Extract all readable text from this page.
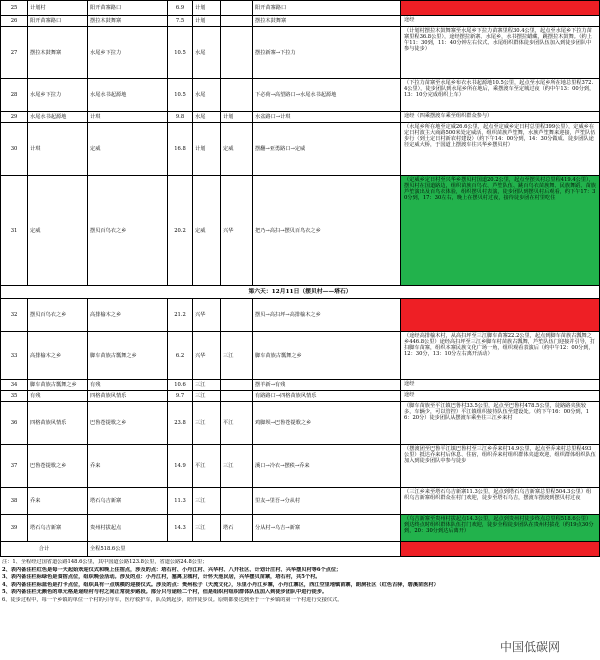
25	计划村	阳开苗寨路口	6.9	计划		阳开苗寨路口	
26	阳开苗寨路口	摆拉木鼓舞寨	7.5	计划		摆拉木鼓舞寨	途经
27	摆拉木鼓舞寨	水尾乡下拉力	10.5	水尾		摆拉新寨→下拉力	（计划村摆拉木鼓舞寨至水尾乡下拉力苗寨里程30.4公里，起点至水尾乡下拉力苗寨里程36.8公里），途经摆拉新寨、水尾乡，水书摆拉蜡藏，跳摆拉木鼓舞。（约上午11：30到，11：40分钟左右仪式、水尾组织群体徒步团队伍加入到徒步团队中参与徒步）
28	水尾乡下拉力	水尾水书起源地	10.5	水尾		下必荷→高望路口→水尾水书起源地	（下拉力苗寨至水尾乡布衣水书起源地10.5公里，起点至水尾乡所在地总里程372.4公里），徒步团队到水尾乡所在地后，乘摆渡车至定城过夜（约中午13：00分到，13：10分完成组织上车）
29	水尾水书起源地	计琪	9.8	水尾	计划	水盆路口→计琪	途经（四乘摆渡车乘至组织群众参与）
30	计琪	定威	16.8	计划	定威	摆翻→亚勇路口→定威	（水尾乡所在地至定威26.6公里，起点至定威乡定日村总里程399公里），定威乡在定日村波主大商路500米处定威活，组织苗族芦笙舞，水族芦笙舞来迎接，芦笙队伍步行（到土定日村新农村建设）（约下午14：00分到，14：30分做成、徒步团队途径定威大桥，于国道上摆渡车往兴华乡摆贝村）
31	定威	摆贝百鸟衣之乡	20.2	定威	兴华	把乃→高扫→摆贝百鸟衣之乡	（定威乡定日村至兴华乡摆贝村国道20.2公里，起点至摆贝村总里程419.4公里），摆贝村在国道路边，组织苗族百鸟衣、芦笙队伍、跳百鸟衣苗族舞、民族舞蹈、苗族芦笙演出及百鸟衣体验，组织摆贝村表演，徒步团队到摆贝村后观看，约下午17：30分到，17：30左右，晚上在摆贝村过夜，接待徒步团在村里吃住
第六天：12月11日（摆贝村——塔石）							
32	摆贝百鸟衣之乡	高排榆木之乡	21.2	兴华		摆贝→高扫坪→高排榆木之乡	
33	高排榆木之乡	脚车苗族古瓢舞之乡	6.2	兴华	三江	脚车苗族古瓢舞之乡	（途经高排榆木村，从高扫坪至三江脚车苗寨22.2公里，起点到脚车苗族古瓢舞之乡446.8公里）途经高扫坪至三江乡脚车村苗族古瓢舞，芦笙队伍门迎接并引导，打扫脚车苗寨，组织本寨民族文化广场一角，组织观看表演后（约中午12：00分到，12：30分，13：10分左右离开活动）
34	脚车苗族古瓢舞之乡	有残	10.6	三江		摆羊新→有残	途经
35	有残	四格苗族风情乐	9.7	三江		有路路口→四格苗族风情乐	途经
36	四格苗族风情乐	巴鲁苍提歌之乡	23.8	三江	平江	鸡脚坝→巴鲁苍提歌之乡	（脚车苗族至平江镇巴鲁村33.5公里，起点至巴鲁村478.5公里，徒路路夹狭较多，车辆少，可以管控）平江镇组织接待队伍至建设处。（约下午16：00分到，16：20分）徒步团队从摆渡车乘坐往三江乡来村
37	巴鲁苍提歌之乡	乔来	14.9	平江	三江	溪口→冷衣→摆秩→乔来	（摆渡团至巴鲁平江镇巴鲁村至三江乡乔来村14.9公里，起点至乔来村总里程493公里）抵达乔来村后休息、住宿，组织乔来村组织群体夹道欢迎，组织群体组织队伍加入到徒步团队中参与徒步
38	乔来	塔石乌吉新寨	11.3	三江		里友→里吾→分从村	（三江乡来至塔石乌吉新寨11.3公里，起点到塔石乌吉新寨总里程504.3公里）组织乌吉新寨组织群众在村门欢迎，徒步至塔石乌吉，摆渡车摆渡到摆贝村过夜
39	塔石乌吉新寨	贵州村拔起点	14.3	三江	塔石	分从村→乌吉→新寨	（乌吉新寨至贵州村拔起点14.3公里，起点到贵州村徒步终点总里程518.6公里）到达终点时组织群体队伍打门欢迎，徒步全程徒步团队在贵州村拔花（约19点30分到，20：30分到达后离开）
合计		全程518.6公里	
注：1、全程经过国省道公路148.6公里，其中国道公路123.8公里，省道公路24.8公里；
2、表内备注栏红色是每一天起始欢迎仪式和晚上住宿点，涉及的点：塔石村、小丹江村、兴华村、八开社区、计划计庄村、兴华摆贝村等6个点位；
3、表内备注栏标绿色是食宿点位，组织晚会活动。涉及的点：小丹江村，塞离卫城村，计怀天池民居，兴华摆贝苗寨，塔石村，共5个村。
4、表内备注栏标蓝色是打卡点位，组织具有一点规模的迎接仪式。涉及的点：贵州松子（天流文化），乐里小丹江乡寨，小丹江寨区，西江空里地镇苗寨，朗洞社区（红色古驿，碧溪苗医村）
5、表内备注栏无颜色的单元格是途经村与村之间正常徒步路段。部分只与途经二个村，但是组织村组织群体队伍加入到徒步团队中进行徒步。
6、徒步过程中，每一个乡镇的单位一个村的引导车，医疗救护车，队员到起步，陪伴徒步员。原则都要达到至于一个乡镇的第一个村进行交接仪式。
中国低碳网
